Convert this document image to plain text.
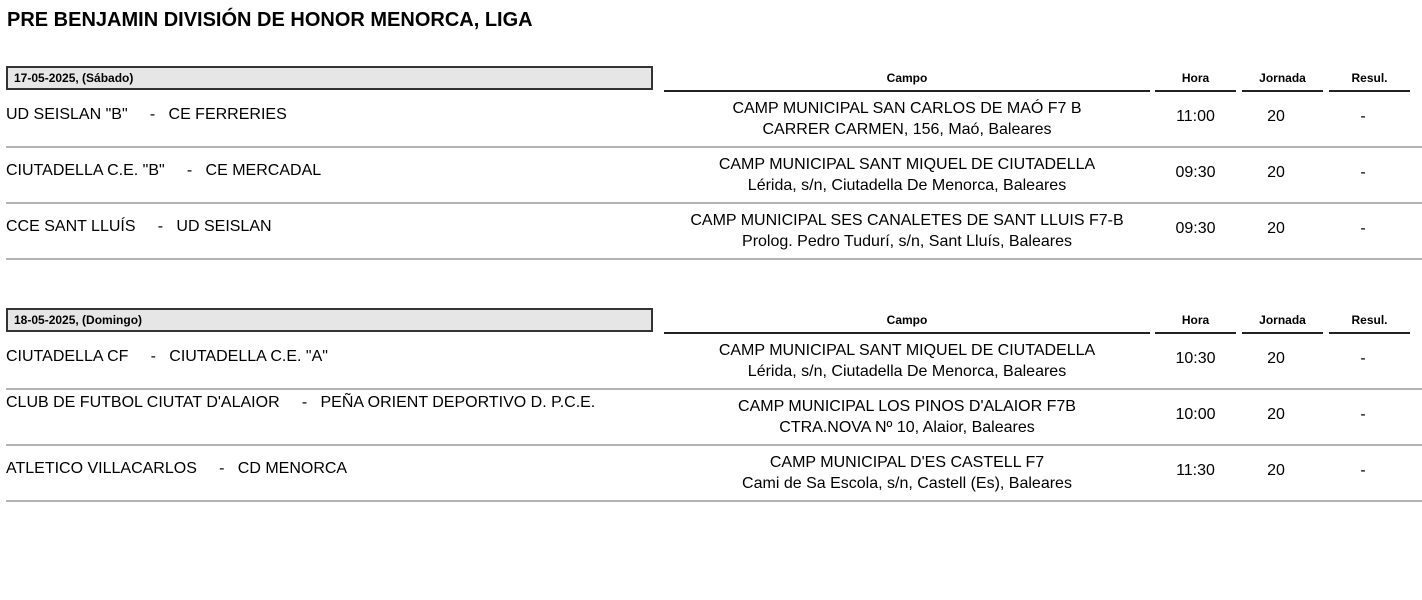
PRE BENJAMIN DIVISIÓN DE HONOR MENORCA, LIGA
17-05-2025, (Sábado)	Campo	Hora	Jornada	Resul.
UD SEISLAN "B"     -   CE FERRERIES	CAMP MUNICIPAL SAN CARLOS DE MAÓ F7 B
CARRER CARMEN, 156, Maó, Baleares
11:00	20	-
CIUTADELLA C.E. "B"     -   CE MERCADAL	CAMP MUNICIPAL SANT MIQUEL DE CIUTADELLA
Lérida, s/n, Ciutadella De Menorca, Baleares
09:30	20	-
CCE SANT LLUÍS     -   UD SEISLAN	CAMP MUNICIPAL SES CANALETES DE SANT LLUIS F7-B
Prolog. Pedro Tudurí, s/n, Sant Lluís, Baleares
09:30	20	-
18-05-2025, (Domingo)	Campo	Hora	Jornada	Resul.
CIUTADELLA CF     -   CIUTADELLA C.E. "A"	CAMP MUNICIPAL SANT MIQUEL DE CIUTADELLA
Lérida, s/n, Ciutadella De Menorca, Baleares
10:30	20	-
CLUB DE FUTBOL CIUTAT D'ALAIOR     -   PEÑA ORIENT DEPORTIVO D. P.C.E.	CAMP MUNICIPAL LOS PINOS D'ALAIOR F7B
CTRA.NOVA Nº 10, Alaior, Baleares
10:00	20	-
ATLETICO VILLACARLOS     -   CD MENORCA	CAMP MUNICIPAL D'ES CASTELL F7
Cami de Sa Escola, s/n, Castell (Es), Baleares
11:30	20	-
